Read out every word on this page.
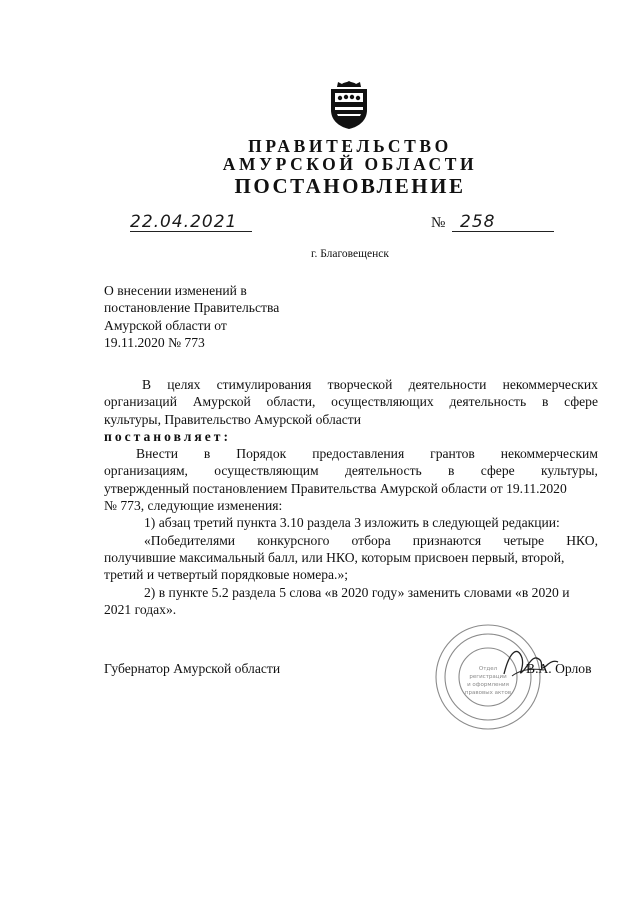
ПРАВИТЕЛЬСТВО
АМУРСКОЙ ОБЛАСТИ
ПОСТАНОВЛЕНИЕ
22.04.2021	№ 258
г. Благовещенск
О внесении изменений в
постановление Правительства
Амурской области от
19.11.2020 № 773
В целях стимулирования творческой деятельности некоммерческих
организаций Амурской области, осуществляющих деятельность в сфере
культуры, Правительство Амурской области
постановляет:
Внести в Порядок предоставления грантов некоммерческим
организациям, осуществляющим деятельность в сфере культуры,
утвержденный постановлением Правительства Амурской области от 19.11.2020
№ 773, следующие изменения:
1) абзац третий пункта 3.10 раздела 3 изложить в следующей редакции:
«Победителями конкурсного отбора признаются четыре НКО,
получившие максимальный балл, или НКО, которым присвоен первый, второй,
третий и четвертый порядковые номера.»;
2) в пункте 5.2 раздела 5 слова «в 2020 году» заменить словами «в 2020 и
2021 годах».
Губернатор Амурской области	Отдел
регистрации
и оформления
правовых актов
В.А. Орлов
